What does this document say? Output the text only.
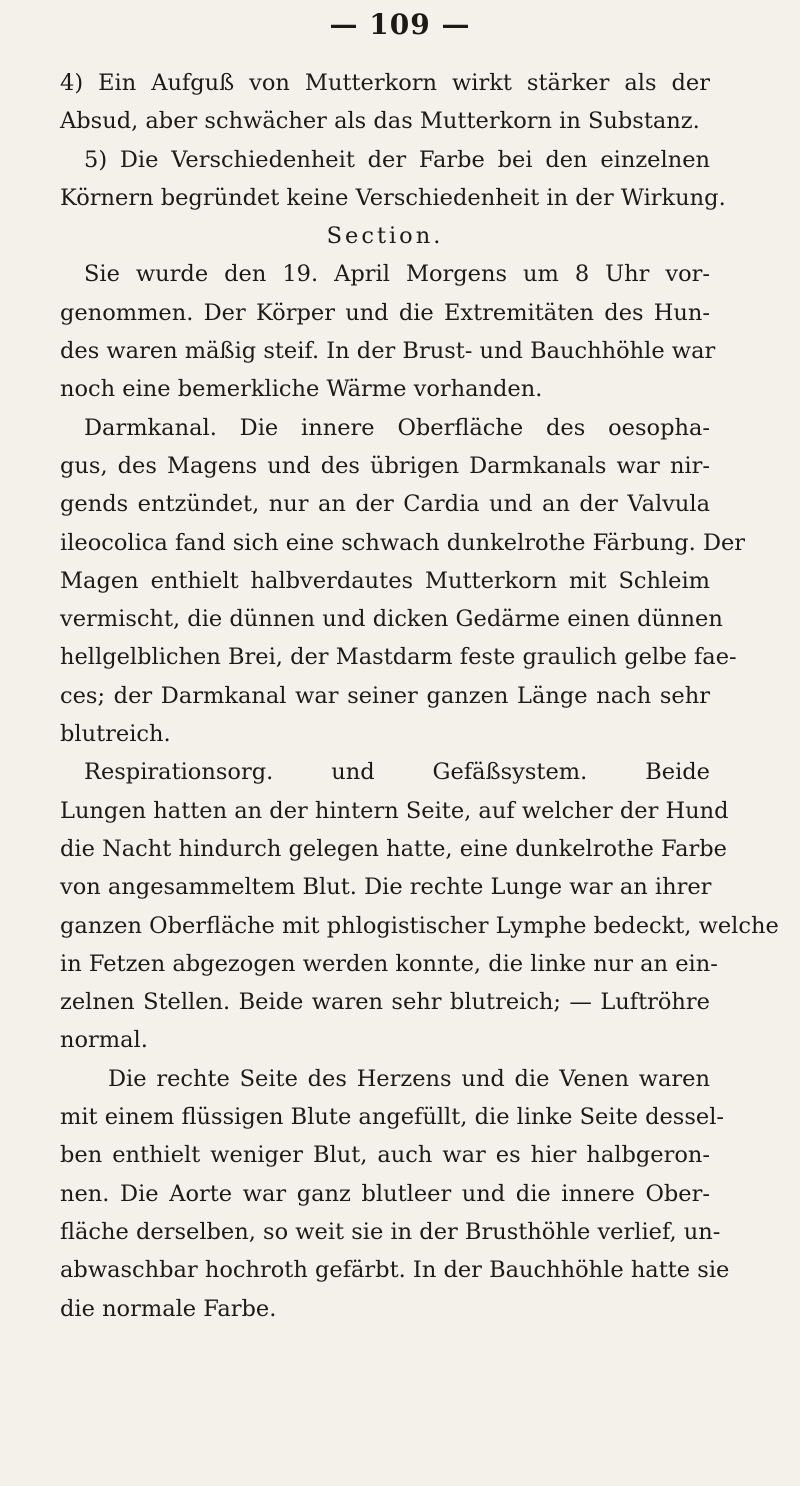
— 109 —
4) Ein Aufguß von Mutterkorn wirkt stärker als der
Absud, aber schwächer als das Mutterkorn in Substanz.
5) Die Verschiedenheit der Farbe bei den einzelnen
Körnern begründet keine Verschiedenheit in der Wirkung.
Section.
Sie wurde den 19. April Morgens um 8 Uhr vor-
genommen. Der Körper und die Extremitäten des Hun-
des waren mäßig steif. In der Brust- und Bauchhöhle war
noch eine bemerkliche Wärme vorhanden.
Darmkanal. Die innere Oberfläche des oesopha-
gus, des Magens und des übrigen Darmkanals war nir-
gends entzündet, nur an der Cardia und an der Valvula
ileocolica fand sich eine schwach dunkelrothe Färbung. Der
Magen enthielt halbverdautes Mutterkorn mit Schleim
vermischt, die dünnen und dicken Gedärme einen dünnen
hellgelblichen Brei, der Mastdarm feste graulich gelbe fae-
ces; der Darmkanal war seiner ganzen Länge nach sehr
blutreich.
Respirationsorg. und Gefäßsystem. Beide
Lungen hatten an der hintern Seite, auf welcher der Hund
die Nacht hindurch gelegen hatte, eine dunkelrothe Farbe
von angesammeltem Blut. Die rechte Lunge war an ihrer
ganzen Oberfläche mit phlogistischer Lymphe bedeckt, welche
in Fetzen abgezogen werden konnte, die linke nur an ein-
zelnen Stellen. Beide waren sehr blutreich; — Luftröhre
normal.
Die rechte Seite des Herzens und die Venen waren
mit einem flüssigen Blute angefüllt, die linke Seite dessel-
ben enthielt weniger Blut, auch war es hier halbgeron-
nen. Die Aorte war ganz blutleer und die innere Ober-
fläche derselben, so weit sie in der Brusthöhle verlief, un-
abwaschbar hochroth gefärbt. In der Bauchhöhle hatte sie
die normale Farbe.
